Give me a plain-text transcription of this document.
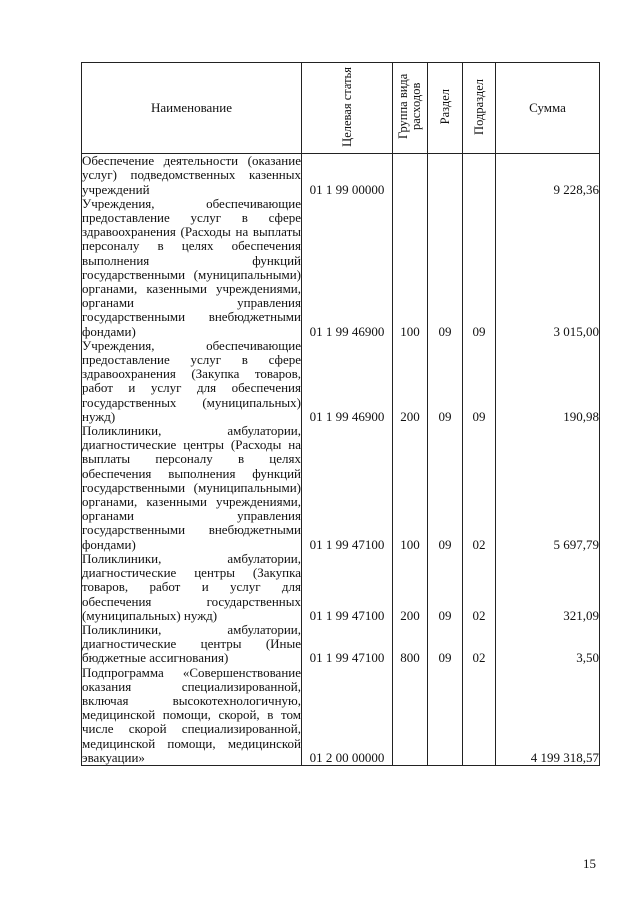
Наименование	Целевая статья	Группа вида расходов	Раздел	Подраздел	Сумма
Обеспечение деятельности (оказание услуг) подведомственных казенных учреждений	01 1 99 00000				9 228,36
Учреждения, обеспечивающие предоставление услуг в сфере здравоохранения (Расходы на выплаты персоналу в целях обеспечения выполнения функций государственными (муниципальными) органами, казенными учреждениями, органами управления государственными внебюджетными фондами)	01 1 99 46900	100	09	09	3 015,00
Учреждения, обеспечивающие предоставление услуг в сфере здравоохранения (Закупка товаров, работ и услуг для обеспечения государственных (муниципальных) нужд)	01 1 99 46900	200	09	09	190,98
Поликлиники, амбулатории, диагностические центры (Расходы на выплаты персоналу в целях обеспечения выполнения функций государственными (муниципальными) органами, казенными учреждениями, органами управления государственными внебюджетными фондами)	01 1 99 47100	100	09	02	5 697,79
Поликлиники, амбулатории, диагностические центры (Закупка товаров, работ и услуг для обеспечения государственных (муниципальных) нужд)	01 1 99 47100	200	09	02	321,09
Поликлиники, амбулатории, диагностические центры (Иные бюджетные ассигнования)	01 1 99 47100	800	09	02	3,50
Подпрограмма «Совершенствование оказания специализированной, включая высокотехнологичную, медицинской помощи, скорой, в том числе скорой специализированной, медицинской помощи, медицинской эвакуации»	01 2 00 00000				4 199 318,57
15
